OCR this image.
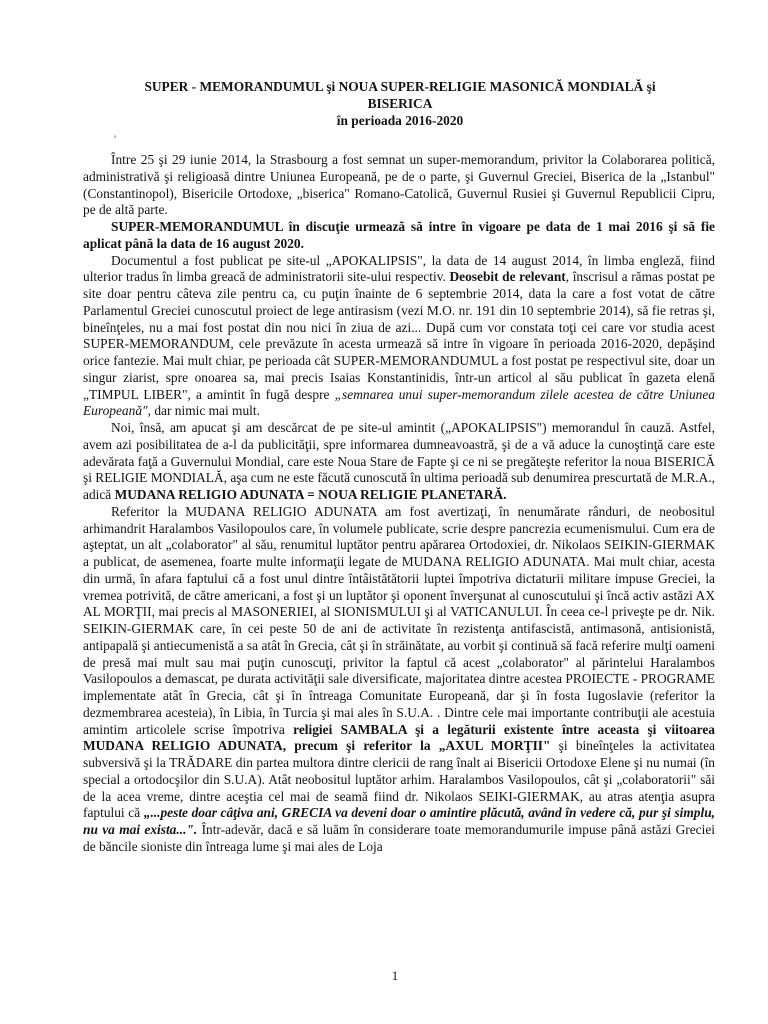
SUPER - MEMORANDUMUL şi NOUA SUPER-RELIGIE MASONICĂ MONDIALĂ şi
BISERICA
în perioada 2016-2020
'

Între 25 şi 29 iunie 2014, la Strasbourg a fost semnat un super-memorandum, privitor la Colaborarea politică, administrativă şi religioasă dintre Uniunea Europeană, pe de o parte, şi Guvernul Greciei, Biserica de la „Istanbul" (Constantinopol), Bisericile Ortodoxe, „biserica" Romano-Catolică, Guvernul Rusiei şi Guvernul Republicii Cipru, pe de altă parte.

SUPER-MEMORANDUMUL în discuţie urmează să intre în vigoare pe data de 1 mai 2016 şi să fie aplicat până la data de 16 august 2020.

Documentul a fost publicat pe site-ul „APOKALIPSIS", la data de 14 august 2014, în limba engleză, fiind ulterior tradus în limba greacă de administratorii site-ului respectiv. Deosebit de relevant, înscrisul a rămas postat pe site doar pentru câteva zile pentru ca, cu puţin înainte de 6 septembrie 2014, data la care a fost votat de către Parlamentul Greciei cunoscutul proiect de lege antirasism (vezi M.O. nr. 191 din 10 septembrie 2014), să fie retras şi, bineînţeles, nu a mai fost postat din nou nici în ziua de azi... După cum vor constata toţi cei care vor studia acest SUPER-MEMORANDUM, cele prevăzute în acesta urmează să intre în vigoare în perioada 2016-2020, depăşind orice fantezie. Mai mult chiar, pe perioada cât SUPER-MEMORANDUMUL a fost postat pe respectivul site, doar un singur ziarist, spre onoarea sa, mai precis Isaias Konstantinidis, într-un articol al său publicat în gazeta elenă „TIMPUL LIBER", a amintit în fugă despre „semnarea unui super-memorandum zilele acestea de către Uniunea Europeană", dar nimic mai mult.

Noi, însă, am apucat şi am descărcat de pe site-ul amintit („APOKALIPSIS") memorandul în cauză. Astfel, avem azi posibilitatea de a-l da publicităţii, spre informarea dumneavoastră, şi de a vă aduce la cunoştinţă care este adevărata faţă a Guvernului Mondial, care este Noua Stare de Fapte şi ce ni se pregăteşte referitor la noua BISERICĂ şi RELIGIE MONDIALĂ, aşa cum ne este făcută cunoscută în ultima perioadă sub denumirea prescurtată de M.R.A., adică MUDANA RELIGIO ADUNATA = NOUA RELIGIE PLANETARĂ.

Referitor la MUDANA RELIGIO ADUNATA am fost avertizaţi, în nenumărate rânduri, de neobositul arhimandrit Haralambos Vasilopoulos care, în volumele publicate, scrie despre pancrezia ecumenismului. Cum era de aşteptat, un alt „colaborator" al său, renumitul luptător pentru apărarea Ortodoxiei, dr. Nikolaos SEIKIN-GIERMAK a publicat, de asemenea, foarte multe informaţii legate de MUDANA RELIGIO ADUNATA. Mai mult chiar, acesta din urmă, în afara faptului că a fost unul dintre întâistătătorii luptei împotriva dictaturii militare impuse Greciei, la vremea potrivită, de către americani, a fost şi un luptător şi oponent înverşunat al cunoscutului şi încă activ astăzi AX AL MORŢII, mai precis al MASONERIEI, al SIONISMULUI şi al VATICANULUI. În ceea ce-l priveşte pe dr. Nik. SEIKIN-GIERMAK care, în cei peste 50 de ani de activitate în rezistenţa antifascistă, antimasonă, antisionistă, antipapală şi antiecumenistă a sa atât în Grecia, cât şi în străinătate, au vorbit şi continuă să facă referire mulţi oameni de presă mai mult sau mai puţin cunoscuţi, privitor la faptul că acest „colaborator" al părintelui Haralambos Vasilopoulos a demascat, pe durata activităţii sale diversificate, majoritatea dintre acestea PROIECTE - PROGRAME implementate atât în Grecia, cât şi în întreaga Comunitate Europeană, dar şi în fosta Iugoslavie (referitor la dezmembrarea acesteia), în Libia, în Turcia şi mai ales în S.U.A. . Dintre cele mai importante contribuţii ale acestuia amintim articolele scrise împotriva religiei SAMBALA şi a legăturii existente între aceasta şi viitoarea MUDANA RELIGIO ADUNATA, precum şi referitor la „AXUL MORŢII" şi bineînţeles la activitatea subversivă şi la TRĂDARE din partea multora dintre clericii de rang înalt ai Bisericii Ortodoxe Elene şi nu numai (în special a ortodocşilor din S.U.A). Atât neobositul luptător arhim. Haralambos Vasilopoulos, cât şi „colaboratorii" săi de la acea vreme, dintre aceştia cel mai de seamă fiind dr. Nikolaos SEIKI-GIERMAK, au atras atenţia asupra faptului că „...peste doar câţiva ani, GRECIA va deveni doar o amintire plăcută, având în vedere că, pur şi simplu, nu va mai exista...". Într-adevăr, dacă e să luăm în considerare toate memorandumurile impuse până astăzi Greciei de băncile sioniste din întreaga lume şi mai ales de Loja

1
